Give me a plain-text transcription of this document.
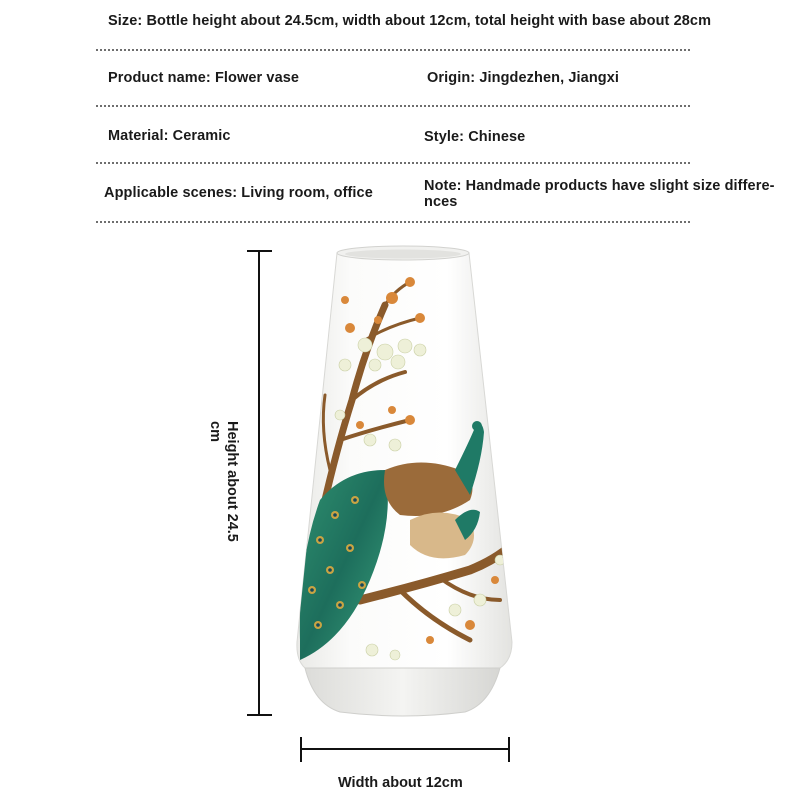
Size: Bottle height about 24.5cm, width about 12cm, total height with base about 28cm
Product name: Flower vase	Origin: Jingdezhen, Jiangxi
Material: Ceramic	Style: Chinese
Applicable scenes: Living room, office	Note: Handmade products have slight size differe-
nces
Height about 24.5 cm
Width about 12cm
